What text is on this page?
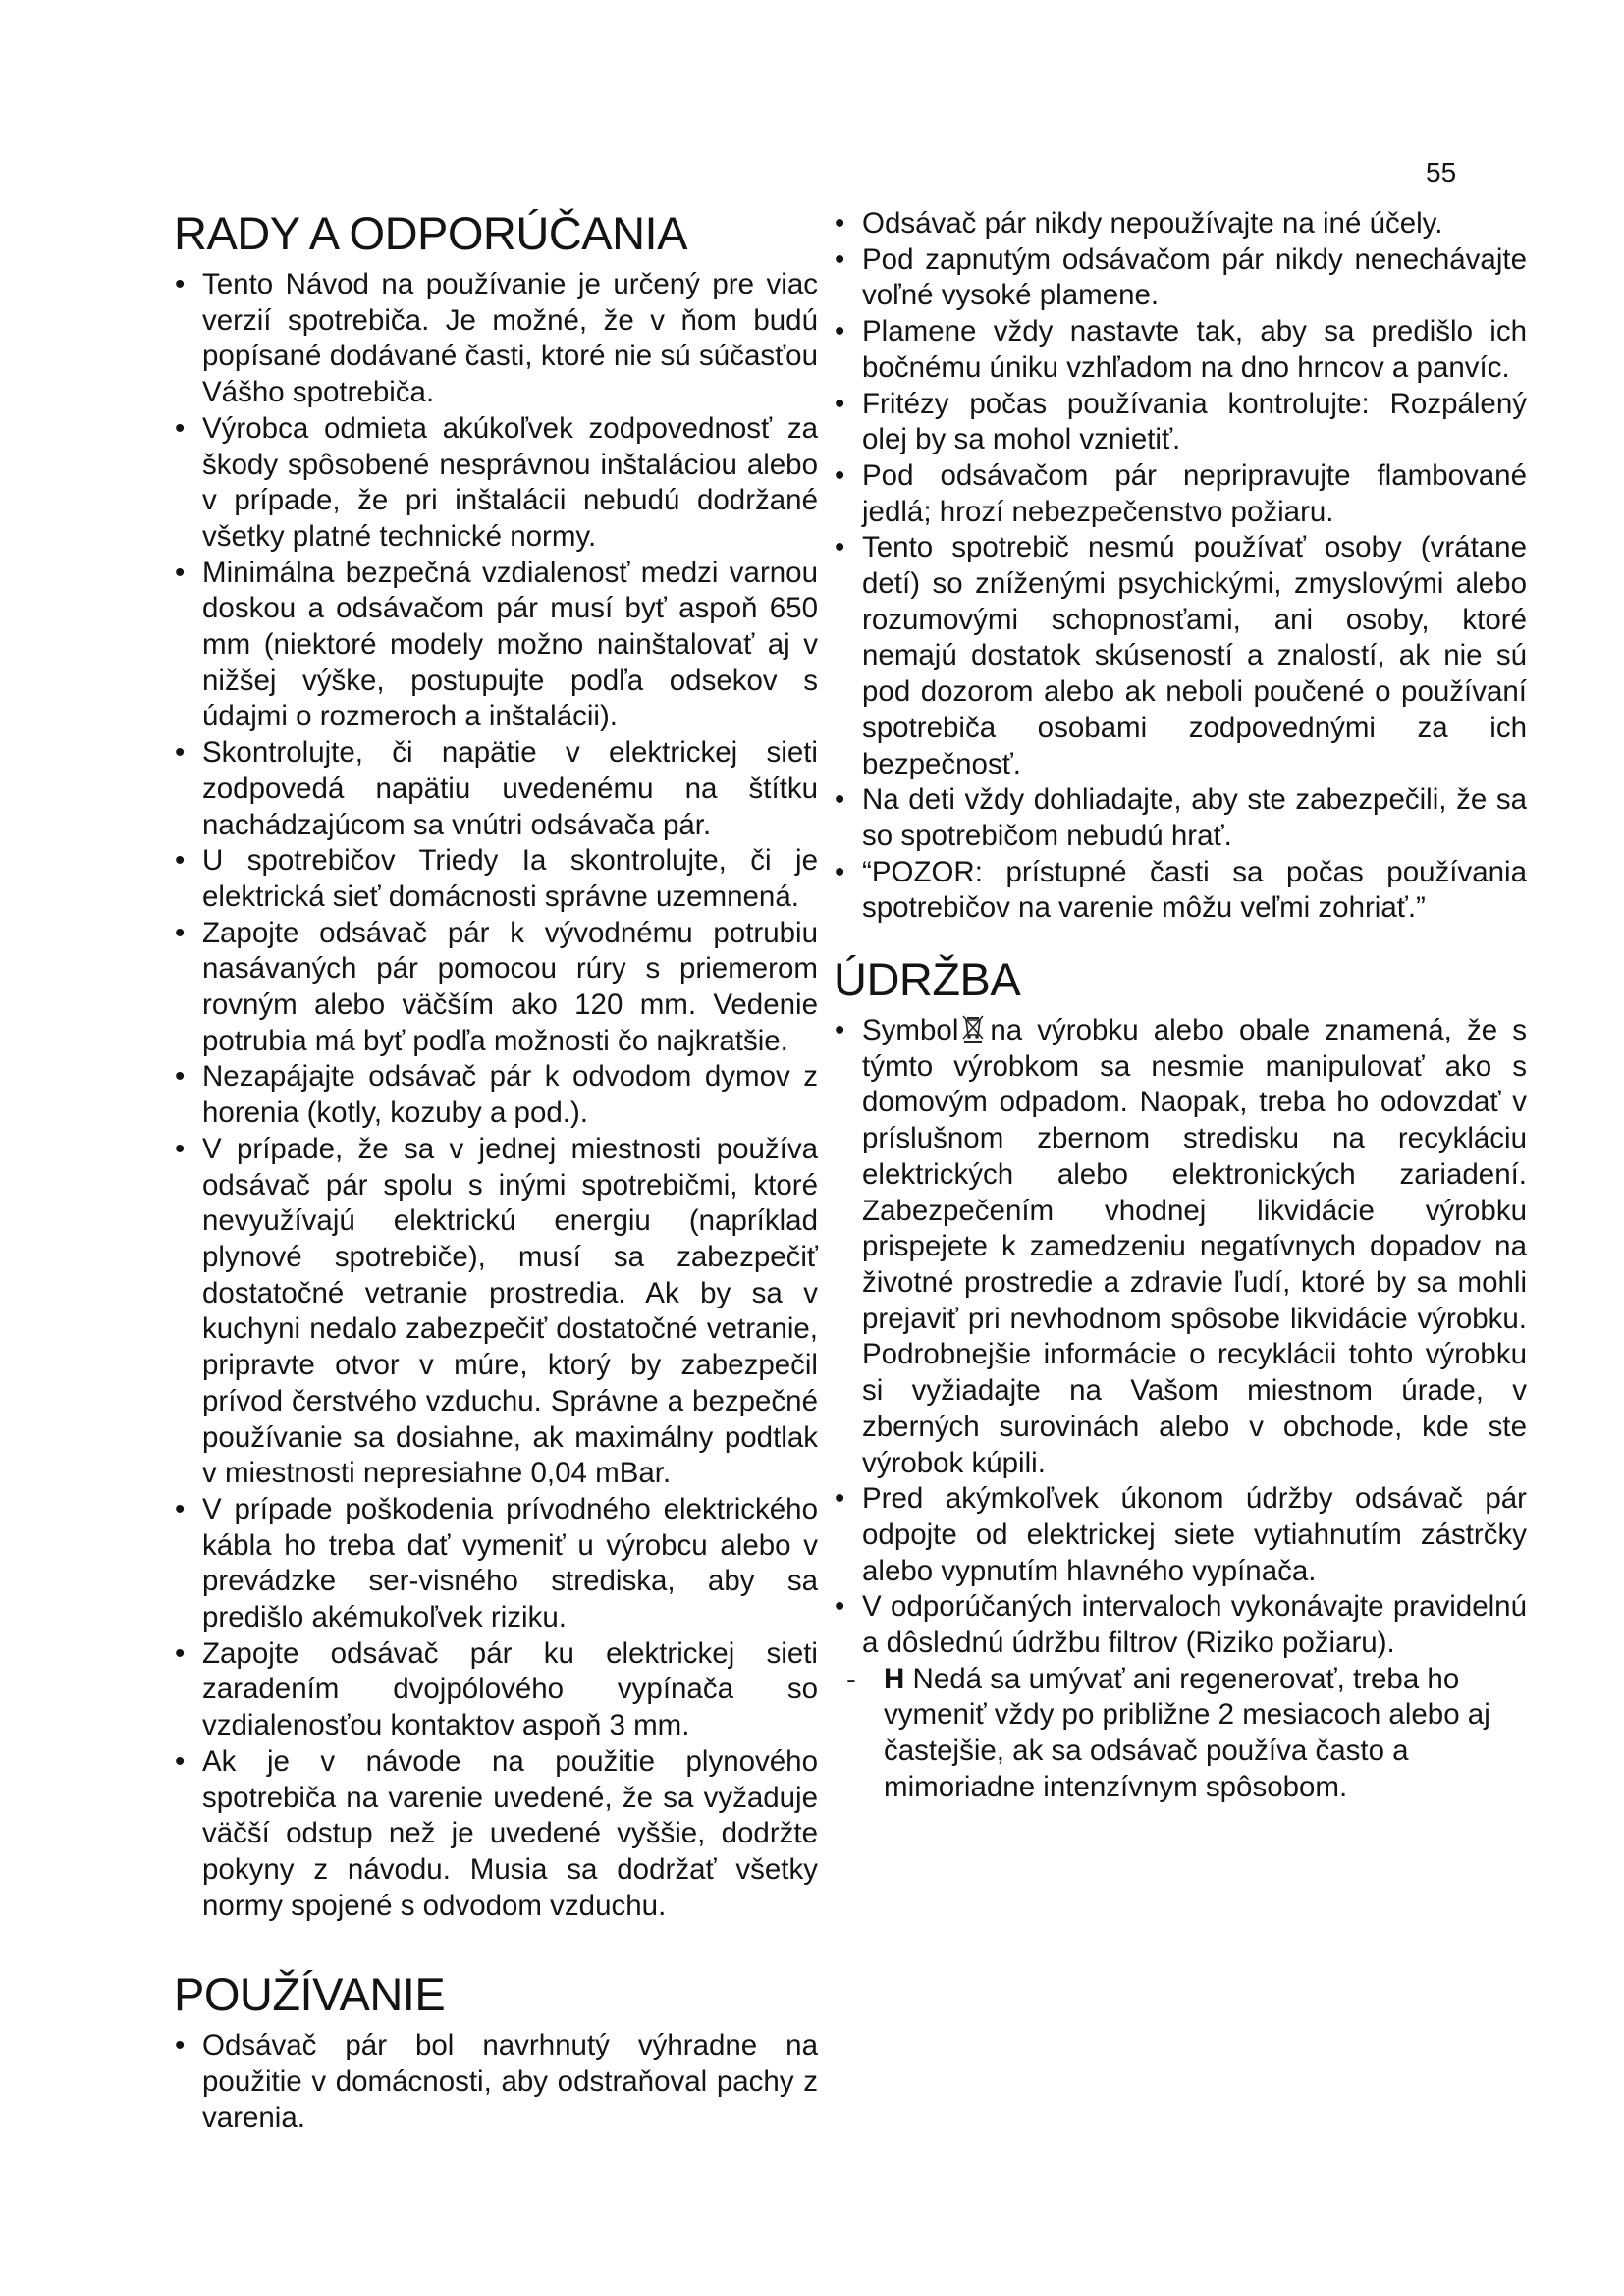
55
RADY A ODPORÚČANIA
• Tento Návod na používanie je určený pre viac verzií spotrebiča. Je možné, že v ňom budú popísané dodávané časti, ktoré nie sú súčasťou Vášho spotrebiča.
• Výrobca odmieta akúkoľvek zodpovednosť za škody spôsobené nesprávnou inštaláciou alebo v prípade, že pri inštalácii nebudú dodržané všetky platné technické normy.
• Minimálna bezpečná vzdialenosť medzi varnou doskou a odsávačom pár musí byť aspoň 650 mm (niektoré modely možno nainštalovať aj v nižšej výške, postupujte podľa odsekov s údajmi o rozmeroch a inštalácii).
• Skontrolujte, či napätie v elektrickej sieti zodpovedá napätiu uvedenému na štítku nachádzajúcom sa vnútri odsávača pár.
• U spotrebičov Triedy Ia skontrolujte, či je elektrická sieť domácnosti správne uzemnená.
• Zapojte odsávač pár k vývodnému potrubiu nasávaných pár pomocou rúry s priemerom rovným alebo väčším ako 120 mm. Vedenie potrubia má byť podľa možnosti čo najkratšie.
• Nezapájajte odsávač pár k odvodom dymov z horenia (kotly, kozuby a pod.).
• V prípade, že sa v jednej miestnosti používa odsávač pár spolu s inými spotrebičmi, ktoré nevyužívajú elektrickú energiu (napríklad plynové spotrebiče), musí sa zabezpečiť dostatočné vetranie prostredia. Ak by sa v kuchyni nedalo zabezpečiť dostatočné vetranie, pripravte otvor v múre, ktorý by zabezpečil prívod čerstvého vzduchu. Správne a bezpečné používanie sa dosiahne, ak maximálny podtlak v miestnosti nepresiahne 0,04 mBar.
• V prípade poškodenia prívodného elektrického kábla ho treba dať vymeniť u výrobcu alebo v prevádzke ser-visného strediska, aby sa predišlo akémukoľvek riziku.
• Zapojte odsávač pár ku elektrickej sieti zaradením dvojpólového vypínača so vzdialenosťou kontaktov aspoň 3 mm.
• Ak je v návode na použitie plynového spotrebiča na varenie uvedené, že sa vyžaduje väčší odstup než je uvedené vyššie, dodržte pokyny z návodu. Musia sa dodržať všetky normy spojené s odvodom vzduchu.
POUŽÍVANIE
• Odsávač pár bol navrhnutý výhradne na použitie v domácnosti, aby odstraňoval pachy z varenia.
• Odsávač pár nikdy nepoužívajte na iné účely.
• Pod zapnutým odsávačom pár nikdy nenechávajte voľné vysoké plamene.
• Plamene vždy nastavte tak, aby sa predišlo ich bočnému úniku vzhľadom na dno hrncov a panvíc.
• Fritézy počas používania kontrolujte: Rozpálený olej by sa mohol vznietiť.
• Pod odsávačom pár nepripravujte flambované jedlá; hrozí nebezpečenstvo požiaru.
• Tento spotrebič nesmú používať osoby (vrátane detí) so zníženými psychickými, zmyslovými alebo rozumovými schopnosťami, ani osoby, ktoré nemajú dostatok skúseností a znalostí, ak nie sú pod dozorom alebo ak neboli poučené o používaní spotrebiča osobami zodpovednými za ich bezpečnosť.
• Na deti vždy dohliadajte, aby ste zabezpečili, že sa so spotrebičom nebudú hrať.
• “POZOR: prístupné časti sa počas používania spotrebičov na varenie môžu veľmi zohriať.”
ÚDRŽBA
• Symbol na výrobku alebo obale znamená, že s týmto výrobkom sa nesmie manipulovať ako s domovým odpadom. Naopak, treba ho odovzdať v príslušnom zbernom stredisku na recykláciu elektrických alebo elektronických zariadení. Zabezpečením vhodnej likvidácie výrobku prispejete k zamedzeniu negatívnych dopadov na životné prostredie a zdravie ľudí, ktoré by sa mohli prejaviť pri nevhodnom spôsobe likvidácie výrobku. Podrobnejšie informácie o recyklácii tohto výrobku si vyžiadajte na Vašom miestnom úrade, v zberných surovinách alebo v obchode, kde ste výrobok kúpili.
• Pred akýmkoľvek úkonom údržby odsávač pár odpojte od elektrickej siete vytiahnutím zástrčky alebo vypnutím hlavného vypínača.
• V odporúčaných intervaloch vykonávajte pravidelnú a dôslednú údržbu filtrov (Riziko požiaru).
- H Nedá sa umývať ani regenerovať, treba ho vymeniť vždy po približne 2 mesiacoch alebo aj častejšie, ak sa odsávač používa často a mimoriadne intenzívnym spôsobom.
